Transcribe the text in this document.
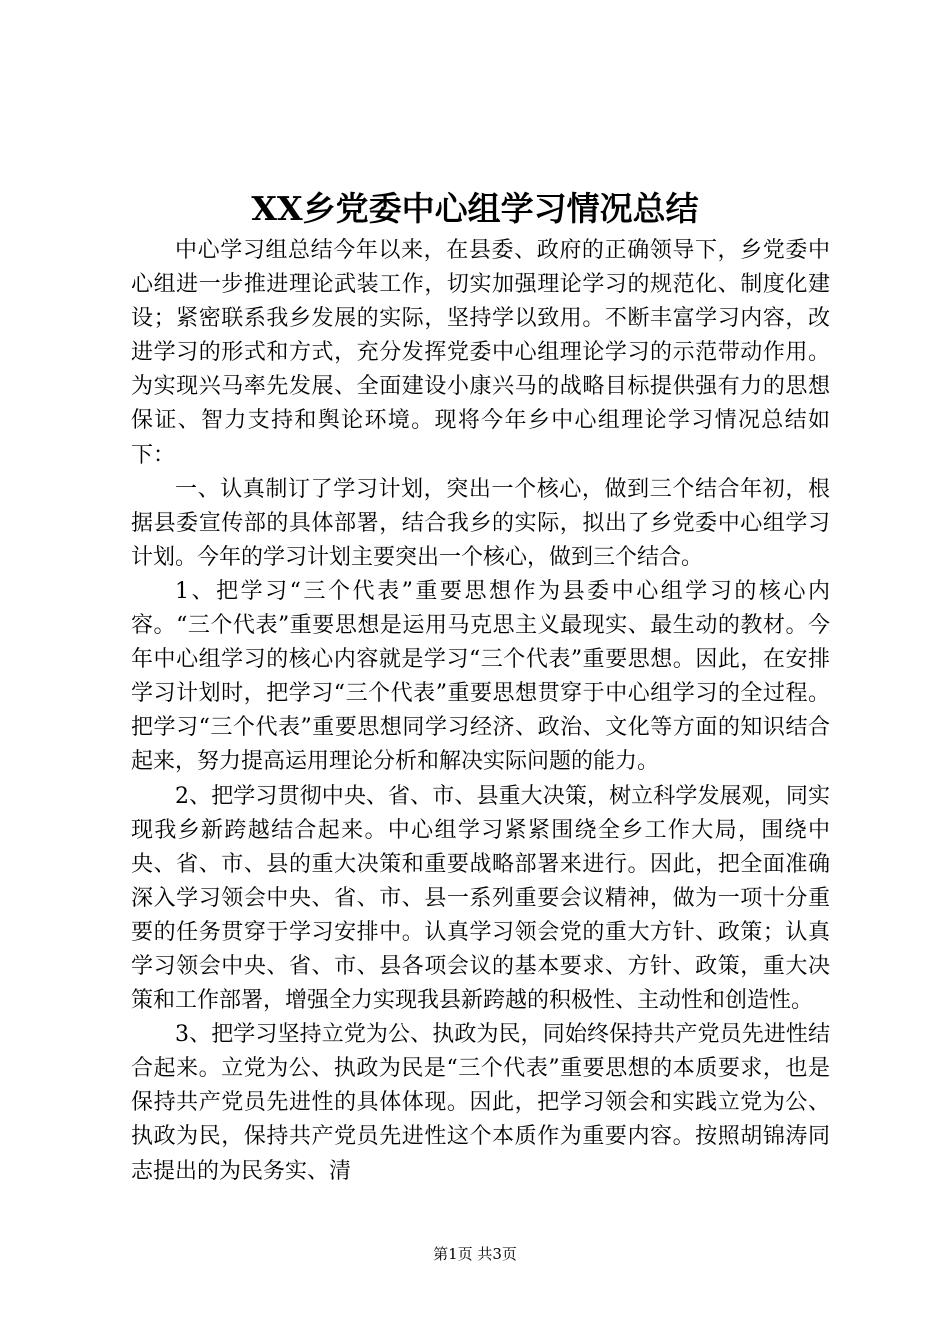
XX乡党委中心组学习情况总结

中心学习组总结今年以来，在县委、政府的正确领导下，乡党委中心组进一步推进理论武装工作，切实加强理论学习的规范化、制度化建设；紧密联系我乡发展的实际，坚持学以致用。不断丰富学习内容，改进学习的形式和方式，充分发挥党委中心组理论学习的示范带动作用。为实现兴马率先发展、全面建设小康兴马的战略目标提供强有力的思想保证、智力支持和舆论环境。现将今年乡中心组理论学习情况总结如下：

一、认真制订了学习计划，突出一个核心，做到三个结合年初，根据县委宣传部的具体部署，结合我乡的实际，拟出了乡党委中心组学习计划。今年的学习计划主要突出一个核心，做到三个结合。

1、把学习“三个代表”重要思想作为县委中心组学习的核心内容。“三个代表”重要思想是运用马克思主义最现实、最生动的教材。今年中心组学习的核心内容就是学习“三个代表”重要思想。因此，在安排学习计划时，把学习“三个代表”重要思想贯穿于中心组学习的全过程。把学习“三个代表”重要思想同学习经济、政治、文化等方面的知识结合起来，努力提高运用理论分析和解决实际问题的能力。

2、把学习贯彻中央、省、市、县重大决策，树立科学发展观，同实现我乡新跨越结合起来。中心组学习紧紧围绕全乡工作大局，围绕中央、省、市、县的重大决策和重要战略部署来进行。因此，把全面准确深入学习领会中央、省、市、县一系列重要会议精神，做为一项十分重要的任务贯穿于学习安排中。认真学习领会党的重大方针、政策；认真学习领会中央、省、市、县各项会议的基本要求、方针、政策，重大决策和工作部署，增强全力实现我县新跨越的积极性、主动性和创造性。

3、把学习坚持立党为公、执政为民，同始终保持共产党员先进性结合起来。立党为公、执政为民是“三个代表”重要思想的本质要求，也是保持共产党员先进性的具体体现。因此，把学习领会和实践立党为公、执政为民，保持共产党员先进性这个本质作为重要内容。按照胡锦涛同志提出的为民务实、清

第1页 共3页
